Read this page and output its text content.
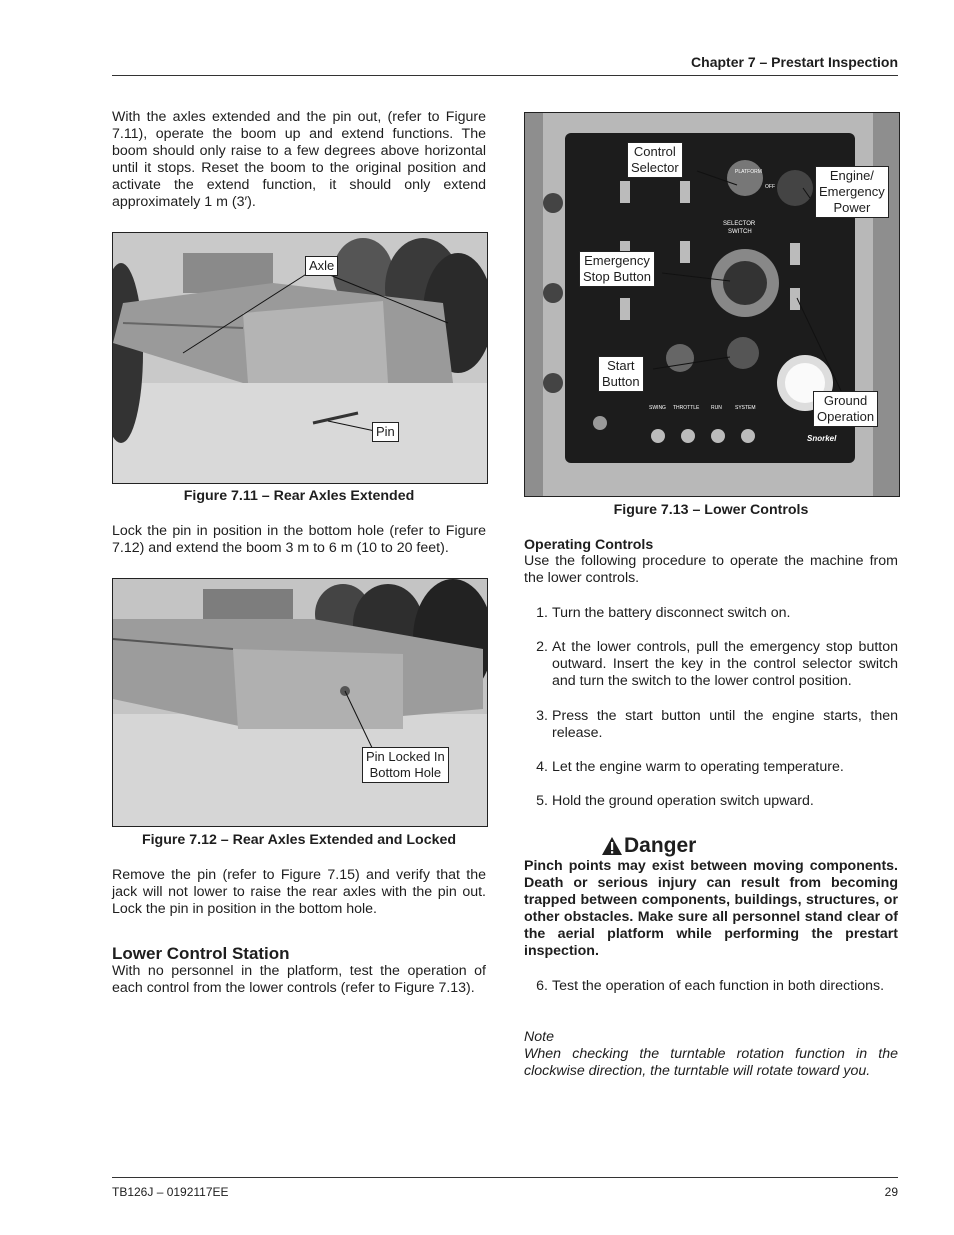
Chapter 7 – Prestart Inspection
With the axles extended and the pin out, (refer to Figure 7.11), operate the boom up and extend functions. The boom should only raise to a few degrees above horizontal until it stops. Reset the boom to the original position and activate the extend function, it should only extend approximately 1 m (3′).
Axle
Pin
Figure 7.11 – Rear Axles Extended
Lock the pin in position in the bottom hole (refer to Figure 7.12) and extend the boom 3 m to 6 m (10 to 20 feet).
Pin Locked In
Bottom Hole
Figure 7.12 – Rear Axles Extended and Locked
Remove the pin (refer to Figure 7.15) and verify that the jack will not lower to raise the rear axles with the pin out. Lock the pin in position in the bottom hole.
Lower Control Station
With no personnel in the platform, test the operation of each control from the lower controls (refer to Figure 7.13).
PLATFORM
OFF
SELECTOR
SWITCH
SWING THROTTLE RUN	SYSTEM
Snorkel
Control
Selector
Engine/
Emergency
Power
Emergency
Stop Button
Start
Button
Ground
Operation
Figure 7.13 – Lower Controls
Operating Controls
Use the following procedure to operate the machine from the lower controls.
1. Turn the battery disconnect switch on.
2. At the lower controls, pull the emergency stop button outward. Insert the key in the control selector switch and turn the switch to the lower control position.
3. Press the start button until the engine starts, then release.
4. Let the engine warm to operating temperature.
5. Hold the ground operation switch upward.
Danger
Pinch points may exist between moving components. Death or serious injury can result from becoming trapped between components, buildings, structures, or other obstacles. Make sure all personnel stand clear of the aerial platform while performing the prestart inspection.
6. Test the operation of each function in both directions.
Note
When checking the turntable rotation function in the clockwise direction, the turntable will rotate toward you.
TB126J – 0192117EE	29
